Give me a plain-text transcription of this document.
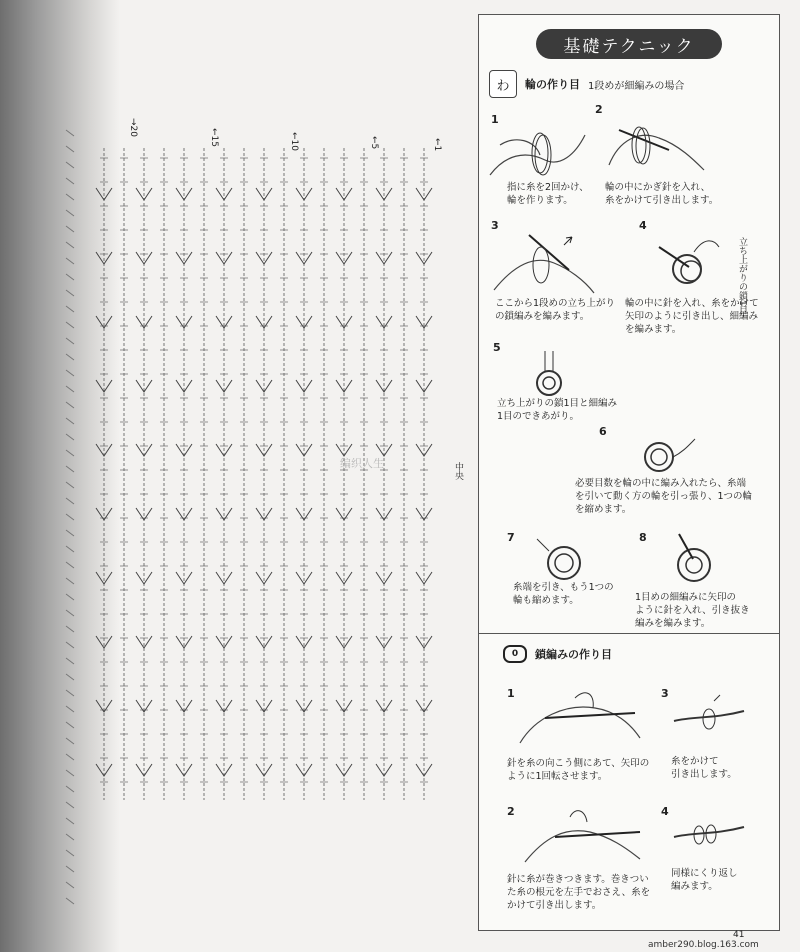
→20
←15	←10	←5	←1
中央
编织人生
基礎テクニック
わ	輪の作り目 1段めが細編みの場合
1
指に糸を2回かけ、
輪を作ります。
2
輪の中にかぎ針を入れ、
糸をかけて引き出します。
3
ここから1段めの立ち上がり
の鎖編みを編みます。
4
立ち上がりの鎖1目
輪の中に針を入れ、糸をかけて
矢印のように引き出し、細編み
を編みます。
5
立ち上がりの鎖1目と細編み
1目のできあがり。
6
必要目数を輪の中に編み入れたら、糸端
を引いて動く方の輪を引っ張り、1つの輪
を縮めます。
7
糸端を引き、もう1つの
輪も縮めます。
8
1目めの細編みに矢印の
ように針を入れ、引き抜き
編みを編みます。
0	鎖編みの作り目
1
針を糸の向こう側にあて、矢印の
ように1回転させます。
3
糸をかけて
引き出します。
2
針に糸が巻きつきます。巻きつい
た糸の根元を左手でおさえ、糸を
かけて引き出します。
4
同様にくり返し
編みます。
41
amber290.blog.163.com
